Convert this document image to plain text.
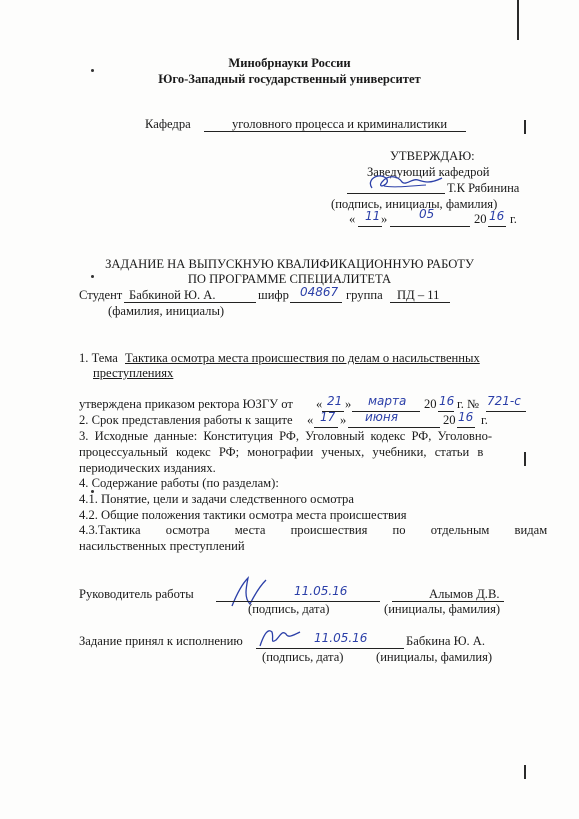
Минобрнауки России
Юго-Западный государственный университет
Кафедра	уголовного процесса и криминалистики
УТВЕРЖДАЮ:
Заведующий кафедрой
Т.К Рябинина
(подпись, инициалы, фамилия)
« 11 »	05	20 16 г.
ЗАДАНИЕ НА ВЫПУСКНУЮ КВАЛИФИКАЦИОННУЮ РАБОТУ
ПО ПРОГРАММЕ СПЕЦИАЛИТЕТА
Студент Бабкиной Ю. А.	шифр 04867 группа ПД – 11
(фамилия, инициалы)
1. Тема Тактика осмотра места происшествия по делам о насильственных
преступлениях
утверждена приказом ректора ЮЗГУ от « 21 » марта 20 16 г. № 721-с
2. Срок представления работы к защите « 17 » июня	20 16 г.
3. Исходные данные: Конституция РФ, Уголовный кодекс РФ, Уголовно-
процессуальный кодекс РФ; монографии ученых, учебники, статьи в
периодических изданиях.
4. Содержание работы (по разделам):
4.1. Понятие, цели и задачи следственного осмотра
4.2. Общие положения тактики осмотра места происшествия
4.3.Тактика осмотра места происшествия по отдельным видам
насильственных преступлений
Руководитель работы	11.05.16	Алымов Д.В.
(подпись, дата)	(инициалы, фамилия)
Задание принял к исполнению	11.05.16	Бабкина Ю. А.
(подпись, дата)	(инициалы, фамилия)
